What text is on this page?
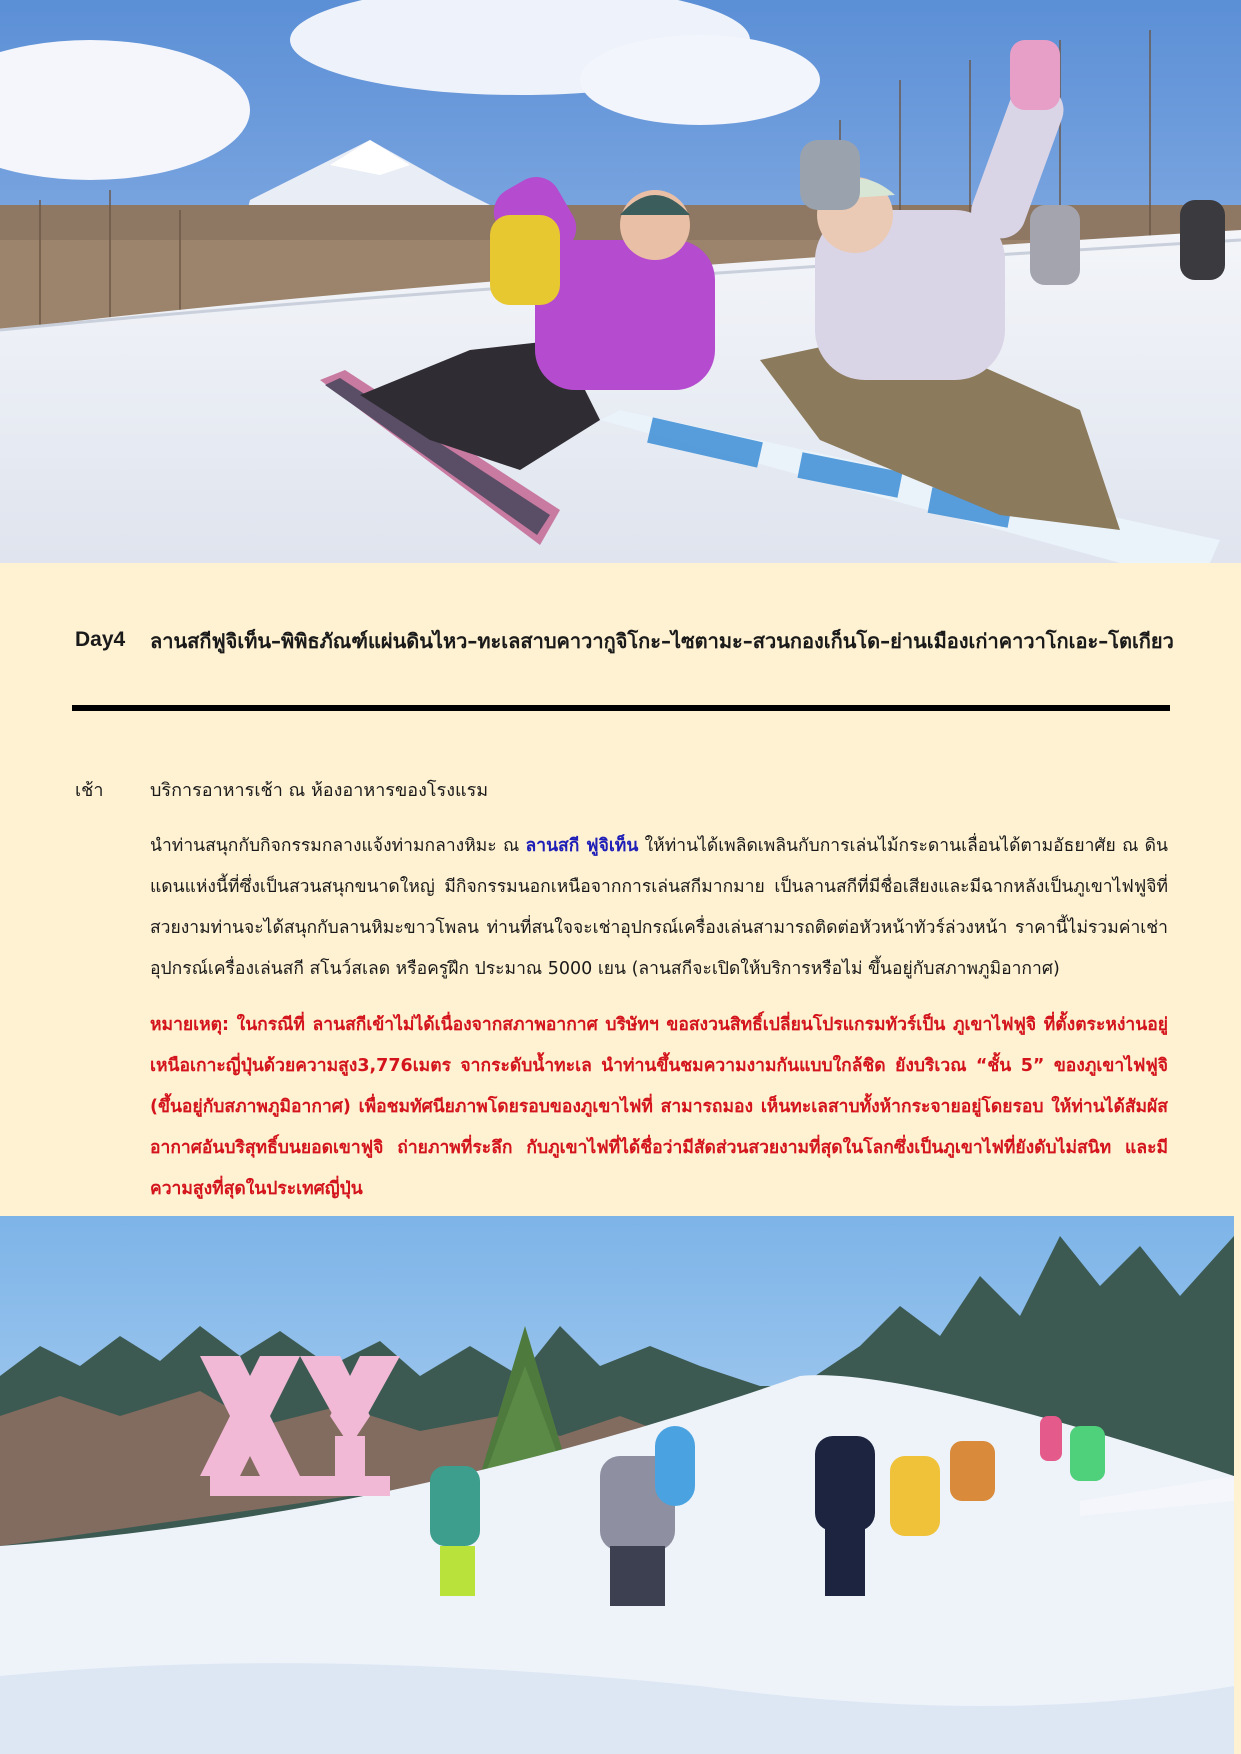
Day4 ลานสกีฟูจิเท็น–พิพิธภัณฑ์แผ่นดินไหว–ทะเลสาบคาวากูจิโกะ–ไซตามะ–สวนกองเก็นโด–ย่านเมืองเก่าคาวาโกเอะ–โตเกียว
เช้า	บริการอาหารเช้า ณ ห้องอาหารของโรงแรม
นำท่านสนุกกับกิจกรรมกลางแจ้งท่ามกลางหิมะ ณ ลานสกี ฟูจิเท็น ให้ท่านได้เพลิดเพลินกับการเล่นไม้กระดานเลื่อนได้ตามอัธยาศัย ณ ดินแดนแห่งนี้ที่ซึ่งเป็นสวนสนุกขนาดใหญ่ มีกิจกรรมนอกเหนือจากการเล่นสกีมากมาย เป็นลานสกีที่มีชื่อเสียงและมีฉากหลังเป็นภูเขาไฟฟูจิที่สวยงามท่านจะได้สนุกกับลานหิมะขาวโพลน ท่านที่สนใจจะเช่าอุปกรณ์เครื่องเล่นสามารถติดต่อหัวหน้าทัวร์ล่วงหน้า ราคานี้ไม่รวมค่าเช่าอุปกรณ์เครื่องเล่นสกี สโนว์สเลด หรือครูฝึก ประมาณ 5000 เยน (ลานสกีจะเปิดให้บริการหรือไม่ ขึ้นอยู่กับสภาพภูมิอากาศ)
หมายเหตุ: ในกรณีที่ ลานสกีเข้าไม่ได้เนื่องจากสภาพอากาศ บริษัทฯ ขอสงวนสิทธิ์เปลี่ยนโปรแกรมทัวร์เป็น ภูเขาไฟฟูจิ ที่ตั้งตระหง่านอยู่เหนือเกาะญี่ปุ่นด้วยความสูง3,776เมตร จากระดับน้ำทะเล นำท่านขึ้นชมความงามกันแบบใกล้ชิด ยังบริเวณ “ชั้น 5” ของภูเขาไฟฟูจิ (ขึ้นอยู่กับสภาพภูมิอากาศ) เพื่อชมทัศนียภาพโดยรอบของภูเขาไฟที่ สามารถมอง เห็นทะเลสาบทั้งห้ากระจายอยู่โดยรอบ ให้ท่านได้สัมผัสอากาศอันบริสุทธิ์บนยอดเขาฟูจิ ถ่ายภาพที่ระลึก กับภูเขาไฟที่ได้ชื่อว่ามีสัดส่วนสวยงามที่สุดในโลกซึ่งเป็นภูเขาไฟที่ยังดับไม่สนิท และมีความสูงที่สุดในประเทศญี่ปุ่น
